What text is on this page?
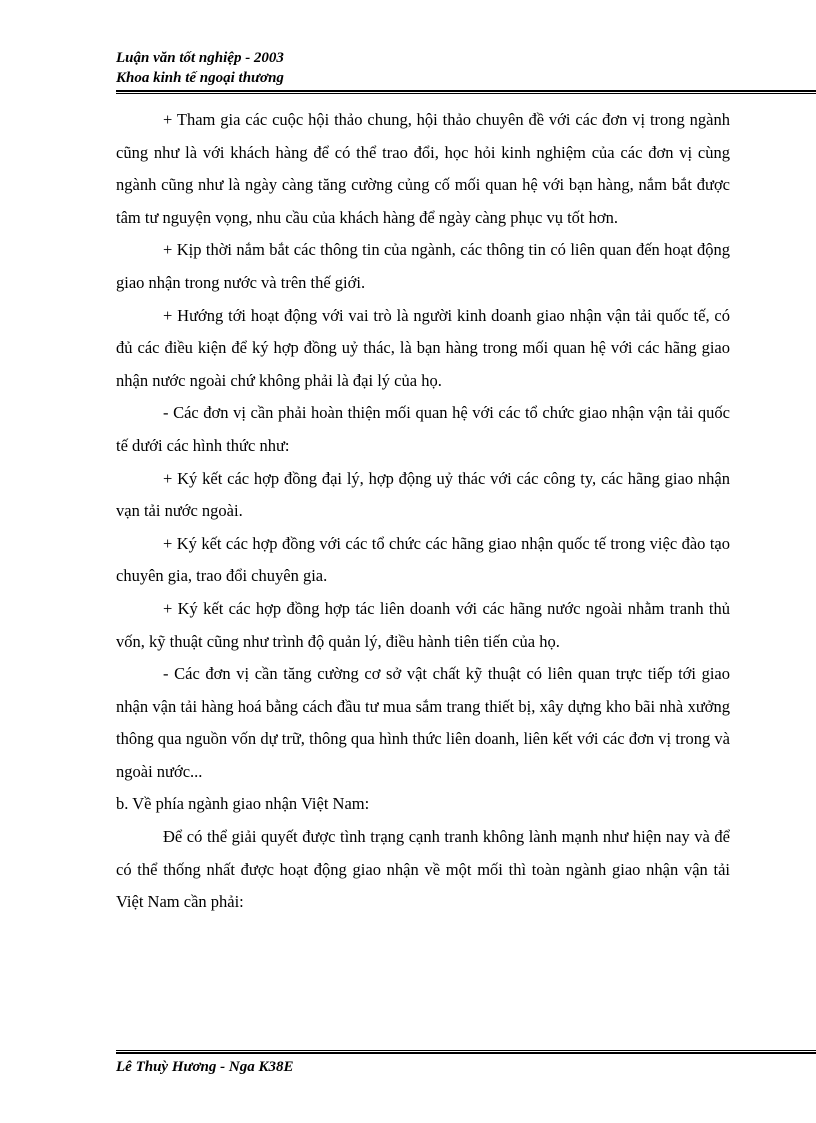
Luận văn tốt nghiệp - 2003

Khoa kinh tế ngoại thương

+ Tham gia các cuộc hội thảo chung, hội thảo chuyên đề với các đơn vị trong ngành cũng như là với khách hàng để có thể trao đổi, học hỏi kinh nghiệm của các đơn vị cùng ngành cũng như là ngày càng tăng cường củng cố mối quan hệ với bạn hàng, nắm bắt được tâm tư nguyện vọng, nhu cầu của khách hàng để ngày càng phục vụ tốt hơn.

+ Kịp thời nắm bắt các thông tin của ngành, các thông tin có liên quan đến hoạt động giao nhận trong nước và trên thế giới.

+ Hướng tới hoạt động với vai trò là người kinh doanh giao nhận vận tải quốc tế, có đủ các điều kiện để ký hợp đồng uỷ thác, là bạn hàng trong mối quan hệ với các hãng giao nhận nước ngoài chứ không phải là đại lý của họ.

- Các đơn vị cần phải hoàn thiện mối quan hệ với các tổ chức giao nhận vận tải quốc tế dưới các hình thức như:

+ Ký kết các hợp đồng đại lý, hợp động uỷ thác với các công ty, các hãng giao nhận vạn tải nước ngoài.

+ Ký kết các hợp đồng với các tổ chức các hãng giao nhận quốc tế trong việc đào tạo chuyên gia, trao đổi chuyên gia.

+ Ký kết các hợp đồng hợp tác liên doanh với các hãng nước ngoài nhằm tranh thủ vốn, kỹ thuật cũng như trình độ quản lý, điều hành tiên tiến của họ.

- Các đơn vị cần tăng cường cơ sở vật chất kỹ thuật có liên quan trực tiếp tới giao nhận vận tải hàng hoá bằng cách đầu tư mua sắm trang thiết bị, xây dựng kho bãi nhà xưởng thông qua nguồn vốn dự trữ, thông qua hình thức liên doanh, liên kết với các đơn vị trong và ngoài nước...

b. Về phía ngành giao nhận Việt Nam:

Để có thể giải quyết được tình trạng cạnh tranh không lành mạnh như hiện nay và để có thể thống nhất được hoạt động giao nhận về một mối thì toàn ngành giao nhận vận tải Việt Nam cần phải:

Lê Thuỳ Hương - Nga K38E
